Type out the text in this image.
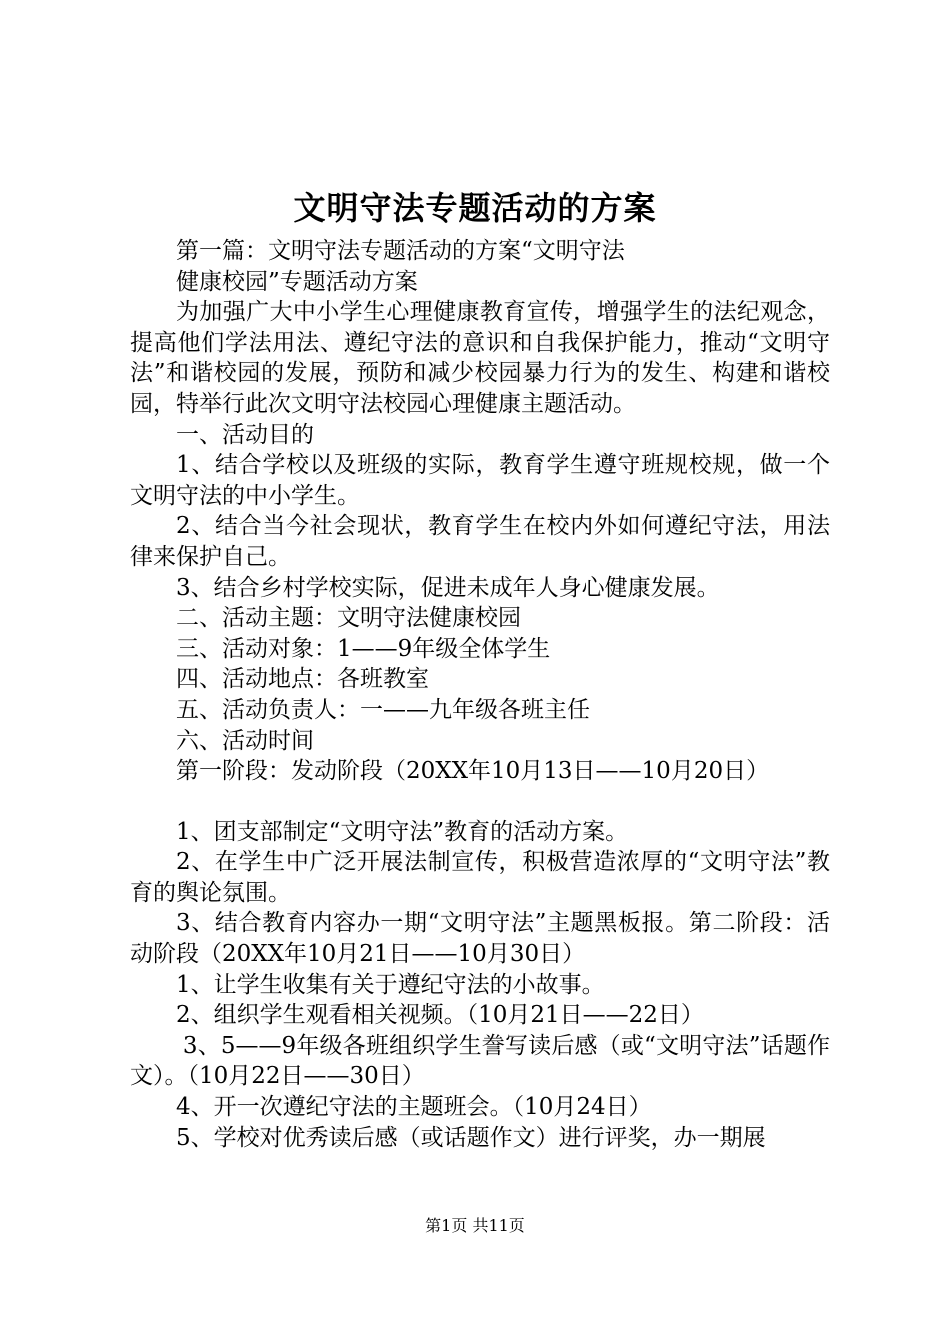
文明守法专题活动的方案

第一篇：文明守法专题活动的方案“文明守法

健康校园”专题活动方案

为加强广大中小学生心理健康教育宣传，增强学生的法纪观念，提高他们学法用法、遵纪守法的意识和自我保护能力，推动“文明守法”和谐校园的发展，预防和减少校园暴力行为的发生、构建和谐校园，特举行此次文明守法校园心理健康主题活动。

一、活动目的

1、结合学校以及班级的实际，教育学生遵守班规校规，做一个文明守法的中小学生。

2、结合当今社会现状，教育学生在校内外如何遵纪守法，用法律来保护自己。

3、结合乡村学校实际，促进未成年人身心健康发展。

二、活动主题：文明守法健康校园

三、活动对象：1——9年级全体学生

四、活动地点：各班教室

五、活动负责人：一——九年级各班主任

六、活动时间

第一阶段：发动阶段（20XX年10月13日——10月20日）

1、团支部制定“文明守法”教育的活动方案。

2、在学生中广泛开展法制宣传，积极营造浓厚的“文明守法”教育的舆论氛围。

3、结合教育内容办一期“文明守法”主题黑板报。第二阶段：活动阶段（20XX年10月21日——10月30日）

1、让学生收集有关于遵纪守法的小故事。

2、组织学生观看相关视频。（10月21日——22日）

3、5——9年级各班组织学生誊写读后感（或“文明守法”话题作文）。（10月22日——30日）

4、开一次遵纪守法的主题班会。（10月24日）

5、学校对优秀读后感（或话题作文）进行评奖，办一期展

第1页 共11页
